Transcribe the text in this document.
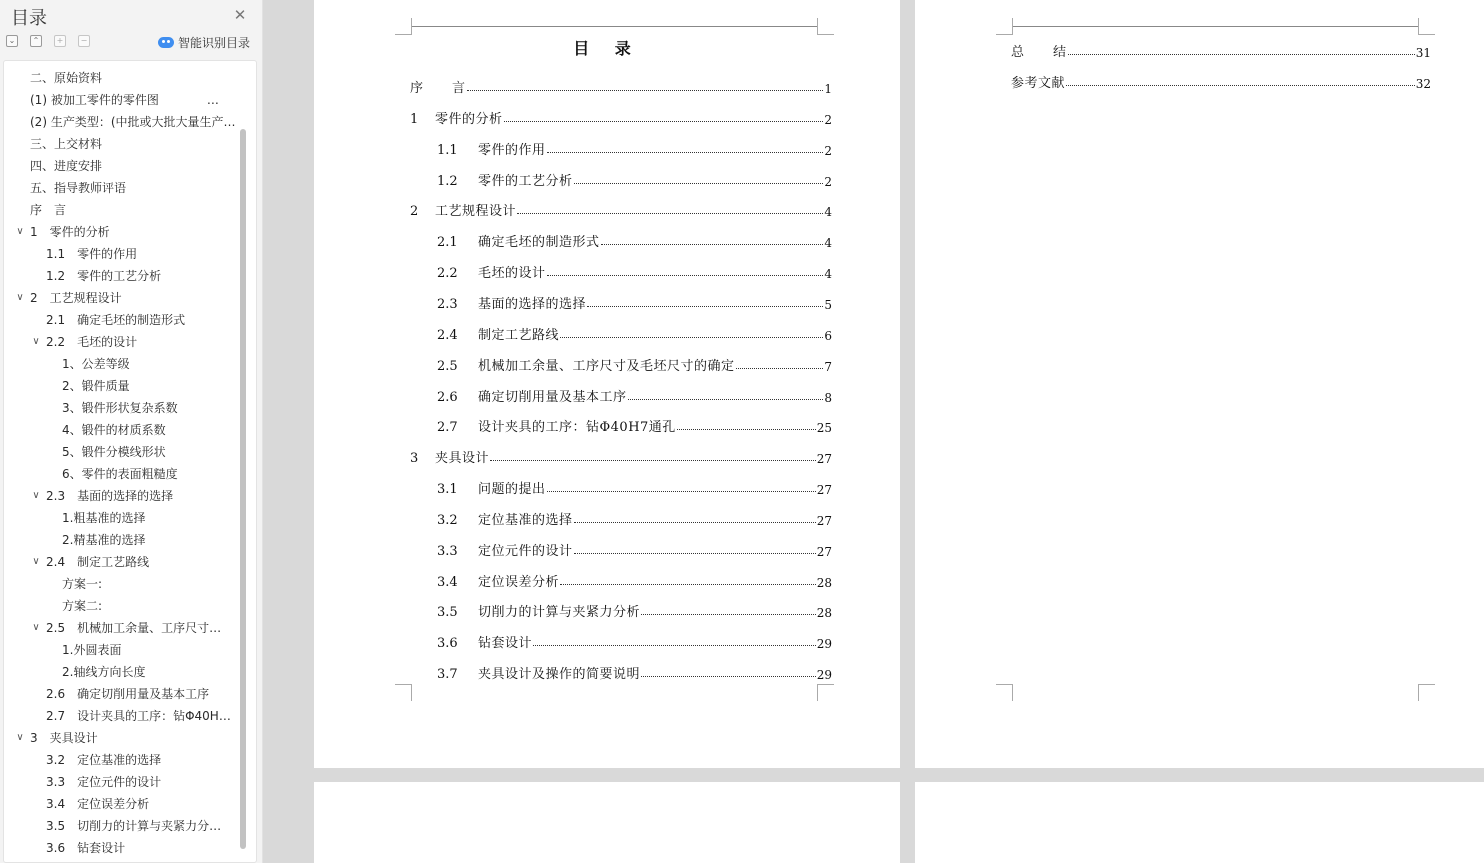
目录	✕
⌄	⌃	+	−	智能识别目录
二、原始资料
(1) 被加工零件的零件图　　　　…
(2) 生产类型：(中批或大批大量生产…
三、上交材料
四、进度安排
五、指导教师评语
序　言
∨ 1　零件的分析
1.1　零件的作用
1.2　零件的工艺分析
∨ 2　工艺规程设计
2.1　确定毛坯的制造形式
∨ 2.2　毛坯的设计
1、公差等级
2、锻件质量
3、锻件形状复杂系数
4、锻件的材质系数
5、锻件分模线形状
6、零件的表面粗糙度
∨ 2.3　基面的选择的选择
1.粗基准的选择
2.精基准的选择
∨ 2.4　制定工艺路线
方案一:
方案二:
∨ 2.5　机械加工余量、工序尺寸…
1.外圆表面
2.轴线方向长度
2.6　确定切削用量及基本工序
2.7　设计夹具的工序：钻Φ40H…
∨ 3　夹具设计
3.2　定位基准的选择
3.3　定位元件的设计
3.4　定位误差分析
3.5　切削力的计算与夹紧力分…
3.6　钻套设计
目 录
序	言	1
1	零件的分析	2
1.1	零件的作用	2
1.2	零件的工艺分析	2
2	工艺规程设计	4
2.1	确定毛坯的制造形式	4
2.2	毛坯的设计	4
2.3	基面的选择的选择	5
2.4	制定工艺路线	6
2.5	机械加工余量、工序尺寸及毛坯尺寸的确定	7
2.6	确定切削用量及基本工序	8
2.7	设计夹具的工序：钻Φ40H7通孔	25
3	夹具设计	27
3.1	问题的提出	27
3.2	定位基准的选择	27
3.3	定位元件的设计	27
3.4	定位误差分析	28
3.5	切削力的计算与夹紧力分析	28
3.6	钻套设计	29
3.7	夹具设计及操作的简要说明	29
总	结	31
参考文献	32
